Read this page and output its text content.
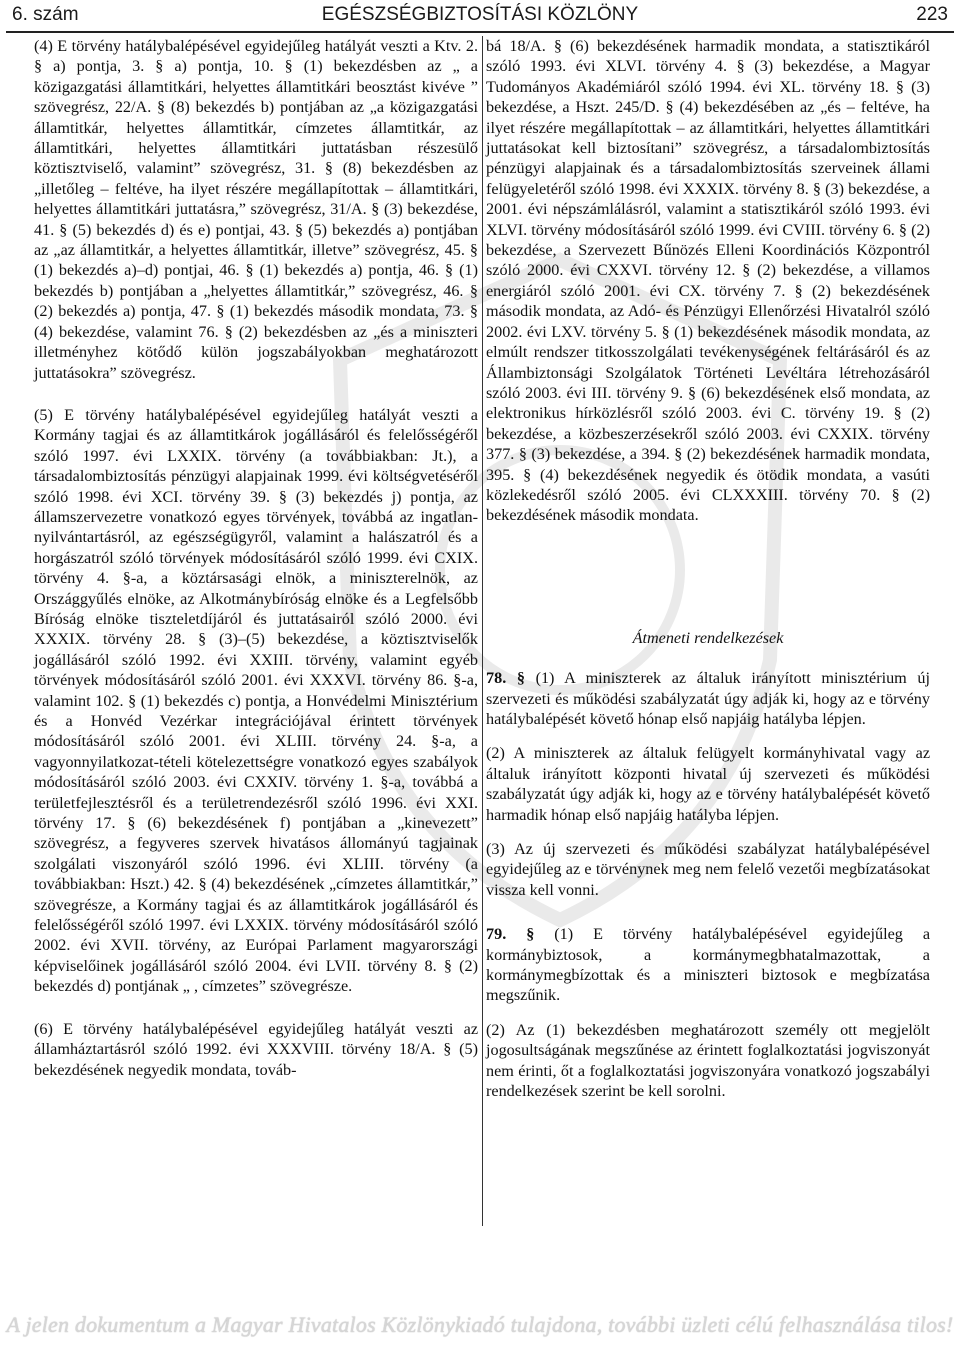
6. szám	EGÉSZSÉGBIZTOSÍTÁSI KÖZLÖNY	223

(4) E törvény hatálybalépésével egyidejűleg hatályát veszti a Ktv. 2. § a) pontja, 3. § a) pontja, 10. § (1) bekezdésben az „ a közigazgatási államtitkári, helyettes államtitkári beosztást kivéve ” szövegrész, 22/A. § (8) bekezdés b) pontjában az „a közigazgatási államtitkár, helyettes államtitkár, címzetes államtitkár, az államtitkári, helyettes államtitkári juttatásban részesülő köztisztviselő, valamint” szövegrész, 31. § (8) bekezdésben az „illetőleg – feltéve, ha ilyet részére megállapítottak – államtitkári, helyettes államtitkári juttatásra,” szövegrész, 31/A. § (3) bekezdése, 41. § (5) bekezdés d) és e) pontjai, 43. § (5) bekezdés a) pontjában az „az államtitkár, a helyettes államtitkár, illetve” szövegrész, 45. § (1) bekezdés a)–d) pontjai, 46. § (1) bekezdés a) pontja, 46. § (1) bekezdés b) pontjában a „helyettes államtitkár,” szövegrész, 46. § (2) bekezdés a) pontja, 47. § (1) bekezdés második mondata, 73. § (4) bekezdése, valamint 76. § (2) bekezdésben az „és a miniszteri illetményhez kötődő külön jogszabályokban meghatározott juttatásokra” szövegrész.

(5) E törvény hatálybalépésével egyidejűleg hatályát veszti a Kormány tagjai és az államtitkárok jogállásáról és felelősségéről szóló 1997. évi LXXIX. törvény (a továbbiakban: Jt.), a társadalombiztosítás pénzügyi alapjainak 1999. évi költségvetéséről szóló 1998. évi XCI. törvény 39. § (3) bekezdés j) pontja, az államszervezetre vonatkozó egyes törvények, továbbá az ingatlan-nyilvántartásról, az egészségügyről, valamint a halászatról és a horgászatról szóló törvények módosításáról szóló 1999. évi CXIX. törvény 4. §-a, a köztársasági elnök, a miniszterelnök, az Országgyűlés elnöke, az Alkotmánybíróság elnöke és a Legfelsőbb Bíróság elnöke tiszteletdíjáról és juttatásairól szóló 2000. évi XXXIX. törvény 28. § (3)–(5) bekezdése, a köztisztviselők jogállásáról szóló 1992. évi XXIII. törvény, valamint egyéb törvények módosításáról szóló 2001. évi XXXVI. törvény 86. §-a, valamint 102. § (1) bekezdés c) pontja, a Honvédelmi Minisztérium és a Honvéd Vezérkar integrációjával érintett törvények módosításáról szóló 2001. évi XLIII. törvény 24. §-a, a vagyonnyilatkozat-tételi kötelezettségre vonatkozó egyes szabályok módosításáról szóló 2003. évi CXXIV. törvény 1. §-a, továbbá a területfejlesztésről és a területrendezésről szóló 1996. évi XXI. törvény 17. § (6) bekezdésének f) pontjában a „kinevezett” szövegrész, a fegyveres szervek hivatásos állományú tagjainak szolgálati viszonyáról szóló 1996. évi XLIII. törvény (a továbbiakban: Hszt.) 42. § (4) bekezdésének „címzetes államtitkár,” szövegrésze, a Kormány tagjai és az államtitkárok jogállásáról és felelősségéről szóló 1997. évi LXXIX. törvény módosításáról szóló 2002. évi XVII. törvény, az Európai Parlament magyarországi képviselőinek jogállásáról szóló 2004. évi LVII. törvény 8. § (2) bekezdés d) pontjának „ , címzetes” szövegrésze.

(6) E törvény hatálybalépésével egyidejűleg hatályát veszti az államháztartásról szóló 1992. évi XXXVIII. törvény 18/A. § (5) bekezdésének negyedik mondata, továb-

bá 18/A. § (6) bekezdésének harmadik mondata, a statisztikáról szóló 1993. évi XLVI. törvény 4. § (3) bekezdése, a Magyar Tudományos Akadémiáról szóló 1994. évi XL. törvény 18. § (3) bekezdése, a Hszt. 245/D. § (4) bekezdésében az „és – feltéve, ha ilyet részére megállapítottak – az államtitkári, helyettes államtitkári juttatásokat kell biztosítani” szövegrész, a társadalombiztosítás pénzügyi alapjainak és a társadalombiztosítás szerveinek állami felügyeletéről szóló 1998. évi XXXIX. törvény 8. § (3) bekezdése, a 2001. évi népszámlálásról, valamint a statisztikáról szóló 1993. évi XLVI. törvény módosításáról szóló 1999. évi CVIII. törvény 6. § (2) bekezdése, a Szervezett Bűnözés Elleni Koordinációs Központról szóló 2000. évi CXXVI. törvény 12. § (2) bekezdése, a villamos energiáról szóló 2001. évi CX. törvény 7. § (2) bekezdésének második mondata, az Adó- és Pénzügyi Ellenőrzési Hivatalról szóló 2002. évi LXV. törvény 5. § (1) bekezdésének második mondata, az elmúlt rendszer titkosszolgálati tevékenységének feltárásáról és az Állambiztonsági Szolgálatok Történeti Levéltára létrehozásáról szóló 2003. évi III. törvény 9. § (6) bekezdésének első mondata, az elektronikus hírközlésről szóló 2003. évi C. törvény 19. § (2) bekezdése, a közbeszerzésekről szóló 2003. évi CXXIX. törvény 377. § (3) bekezdése, a 394. § (2) bekezdésének harmadik mondata, 395. § (4) bekezdésének negyedik és ötödik mondata, a vasúti közlekedésről szóló 2005. évi CLXXXIII. törvény 70. § (2) bekezdésének második mondata.

Átmeneti rendelkezések

78. § (1) A miniszterek az általuk irányított minisztérium új szervezeti és működési szabályzatát úgy adják ki, hogy az e törvény hatálybalépését követő hónap első napjáig hatályba lépjen.

(2) A miniszterek az általuk felügyelt kormányhivatal vagy az általuk irányított központi hivatal új szervezeti és működési szabályzatát úgy adják ki, hogy az e törvény hatálybalépését követő harmadik hónap első napjáig hatályba lépjen.

(3) Az új szervezeti és működési szabályzat hatálybalépésével egyidejűleg az e törvénynek meg nem felelő vezetői megbízatásokat vissza kell vonni.

79. § (1) E törvény hatálybalépésével egyidejűleg a kormánybiztosok, a kormánymegbhatalmazottak, a kormánymegbízottak és a miniszteri biztosok e megbízatása megszűnik.

(2) Az (1) bekezdésben meghatározott személy ott megjelölt jogosultságának megszűnése az érintett foglalkoztatási jogviszonyát nem érinti, őt a foglalkoztatási jogviszonyára vonatkozó jogszabályi rendelkezések szerint be kell sorolni.

A jelen dokumentum a Magyar Hivatalos Közlönykiadó tulajdona, további üzleti célú felhasználása tilos!
